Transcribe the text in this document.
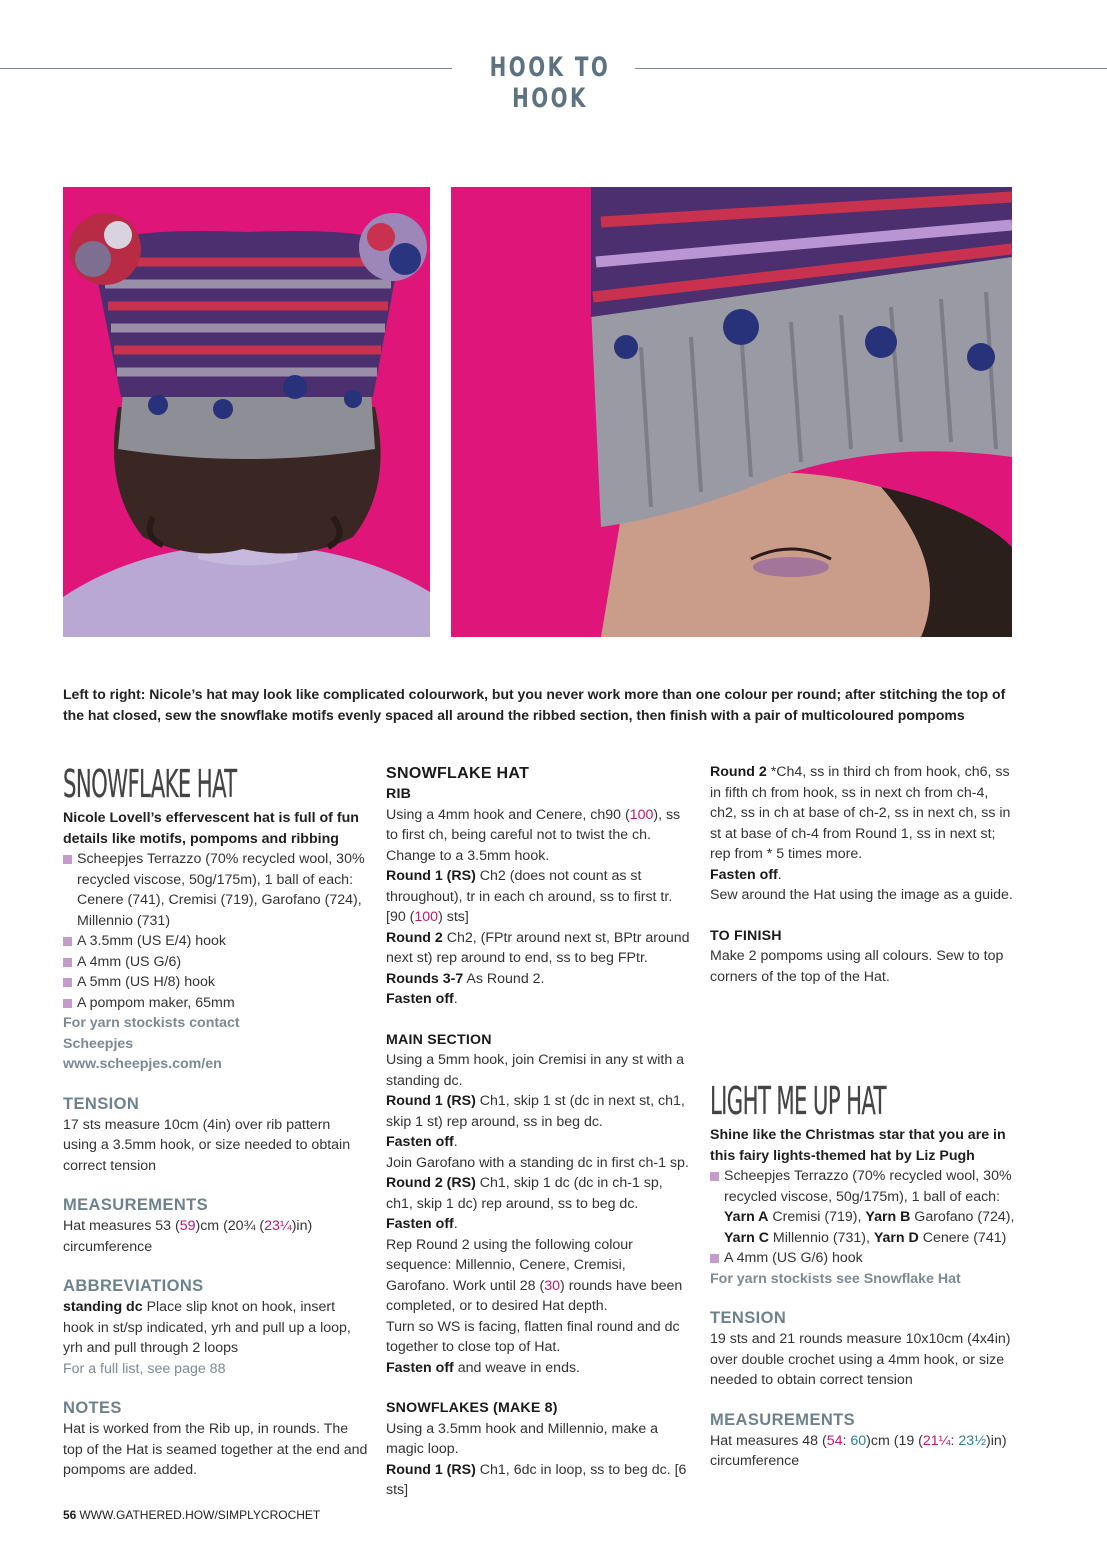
HOOK TO HOOK
Left to right: Nicole’s hat may look like complicated colourwork, but you never work more than one colour per round; after stitching the top of the hat closed, sew the snowflake motifs evenly spaced all around the ribbed section, then finish with a pair of multicoloured pompoms
SNOWFLAKE HAT
Nicole Lovell’s effervescent hat is full of fun details like motifs, pompoms and ribbing
Scheepjes Terrazzo (70% recycled wool, 30% recycled viscose, 50g/175m), 1 ball of each: Cenere (741), Cremisi (719), Garofano (724), Millennio (731)
A 3.5mm (US E/4) hook
A 4mm (US G/6)
A 5mm (US H/8) hook
A pompom maker, 65mm
For yarn stockists contact Scheepjes
www.scheepjes.com/en
TENSION
17 sts measure 10cm (4in) over rib pattern using a 3.5mm hook, or size needed to obtain correct tension
MEASUREMENTS
Hat measures 53 (59)cm (20¾ (23¼)in) circumference
ABBREVIATIONS
standing dc Place slip knot on hook, insert hook in st/sp indicated, yrh and pull up a loop, yrh and pull through 2 loops
For a full list, see page 88
NOTES
Hat is worked from the Rib up, in rounds. The top of the Hat is seamed together at the end and pompoms are added.
SNOWFLAKE HAT
RIB
Using a 4mm hook and Cenere, ch90 (100), ss to first ch, being careful not to twist the ch. Change to a 3.5mm hook.
Round 1 (RS) Ch2 (does not count as st throughout), tr in each ch around, ss to first tr. [90 (100) sts]
Round 2 Ch2, (FPtr around next st, BPtr around next st) rep around to end, ss to beg FPtr.
Rounds 3-7 As Round 2.
Fasten off.
MAIN SECTION
Using a 5mm hook, join Cremisi in any st with a standing dc.
Round 1 (RS) Ch1, skip 1 st (dc in next st, ch1, skip 1 st) rep around, ss in beg dc.
Fasten off.
Join Garofano with a standing dc in first ch-1 sp.
Round 2 (RS) Ch1, skip 1 dc (dc in ch-1 sp, ch1, skip 1 dc) rep around, ss to beg dc.
Fasten off.
Rep Round 2 using the following colour sequence: Millennio, Cenere, Cremisi, Garofano. Work until 28 (30) rounds have been completed, or to desired Hat depth.
Turn so WS is facing, flatten final round and dc together to close top of Hat.
Fasten off and weave in ends.
SNOWFLAKES (MAKE 8)
Using a 3.5mm hook and Millennio, make a magic loop.
Round 1 (RS) Ch1, 6dc in loop, ss to beg dc. [6 sts]
Round 2 *Ch4, ss in third ch from hook, ch6, ss in fifth ch from hook, ss in next ch from ch-4, ch2, ss in ch at base of ch-2, ss in next ch, ss in st at base of ch-4 from Round 1, ss in next st; rep from * 5 times more.
Fasten off.
Sew around the Hat using the image as a guide.
TO FINISH
Make 2 pompoms using all colours. Sew to top corners of the top of the Hat.
LIGHT ME UP HAT
Shine like the Christmas star that you are in this fairy lights-themed hat by Liz Pugh
Scheepjes Terrazzo (70% recycled wool, 30% recycled viscose, 50g/175m), 1 ball of each: Yarn A Cremisi (719), Yarn B Garofano (724), Yarn C Millennio (731), Yarn D Cenere (741)
A 4mm (US G/6) hook
For yarn stockists see Snowflake Hat
TENSION
19 sts and 21 rounds measure 10x10cm (4x4in) over double crochet using a 4mm hook, or size needed to obtain correct tension
MEASUREMENTS
Hat measures 48 (54: 60)cm (19 (21¼: 23½)in) circumference
56 WWW.GATHERED.HOW/SIMPLYCROCHET
